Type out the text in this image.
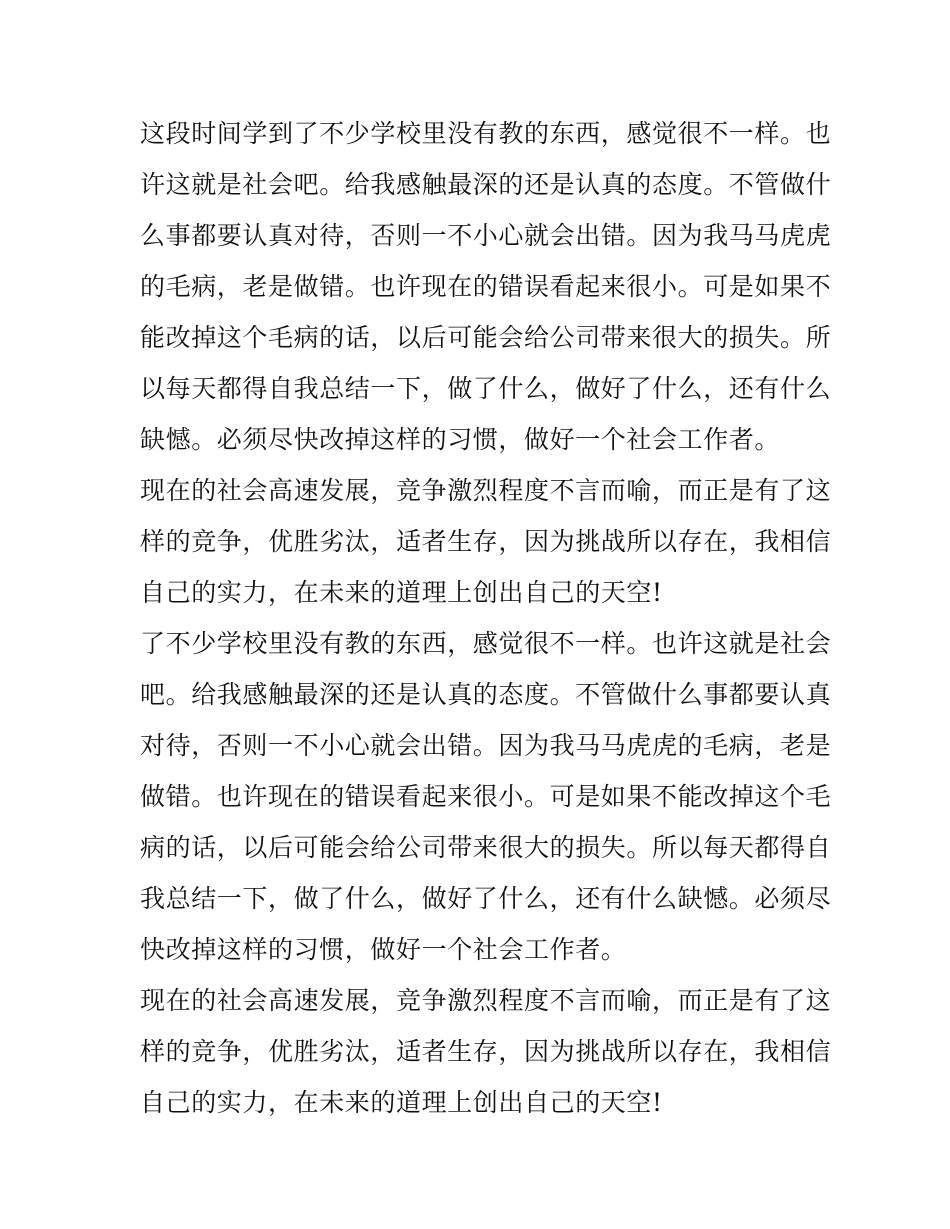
这段时间学到了不少学校里没有教的东西，感觉很不一样。也
许这就是社会吧。给我感触最深的还是认真的态度。不管做什
么事都要认真对待，否则一不小心就会出错。因为我马马虎虎
的毛病，老是做错。也许现在的错误看起来很小。可是如果不
能改掉这个毛病的话，以后可能会给公司带来很大的损失。所
以每天都得自我总结一下，做了什么，做好了什么，还有什么
缺憾。必须尽快改掉这样的习惯，做好一个社会工作者。
现在的社会高速发展，竞争激烈程度不言而喻，而正是有了这
样的竞争，优胜劣汰，适者生存，因为挑战所以存在，我相信
自己的实力，在未来的道理上创出自己的天空!
了不少学校里没有教的东西，感觉很不一样。也许这就是社会
吧。给我感触最深的还是认真的态度。不管做什么事都要认真
对待，否则一不小心就会出错。因为我马马虎虎的毛病，老是
做错。也许现在的错误看起来很小。可是如果不能改掉这个毛
病的话，以后可能会给公司带来很大的损失。所以每天都得自
我总结一下，做了什么，做好了什么，还有什么缺憾。必须尽
快改掉这样的习惯，做好一个社会工作者。
现在的社会高速发展，竞争激烈程度不言而喻，而正是有了这
样的竞争，优胜劣汰，适者生存，因为挑战所以存在，我相信
自己的实力，在未来的道理上创出自己的天空!
